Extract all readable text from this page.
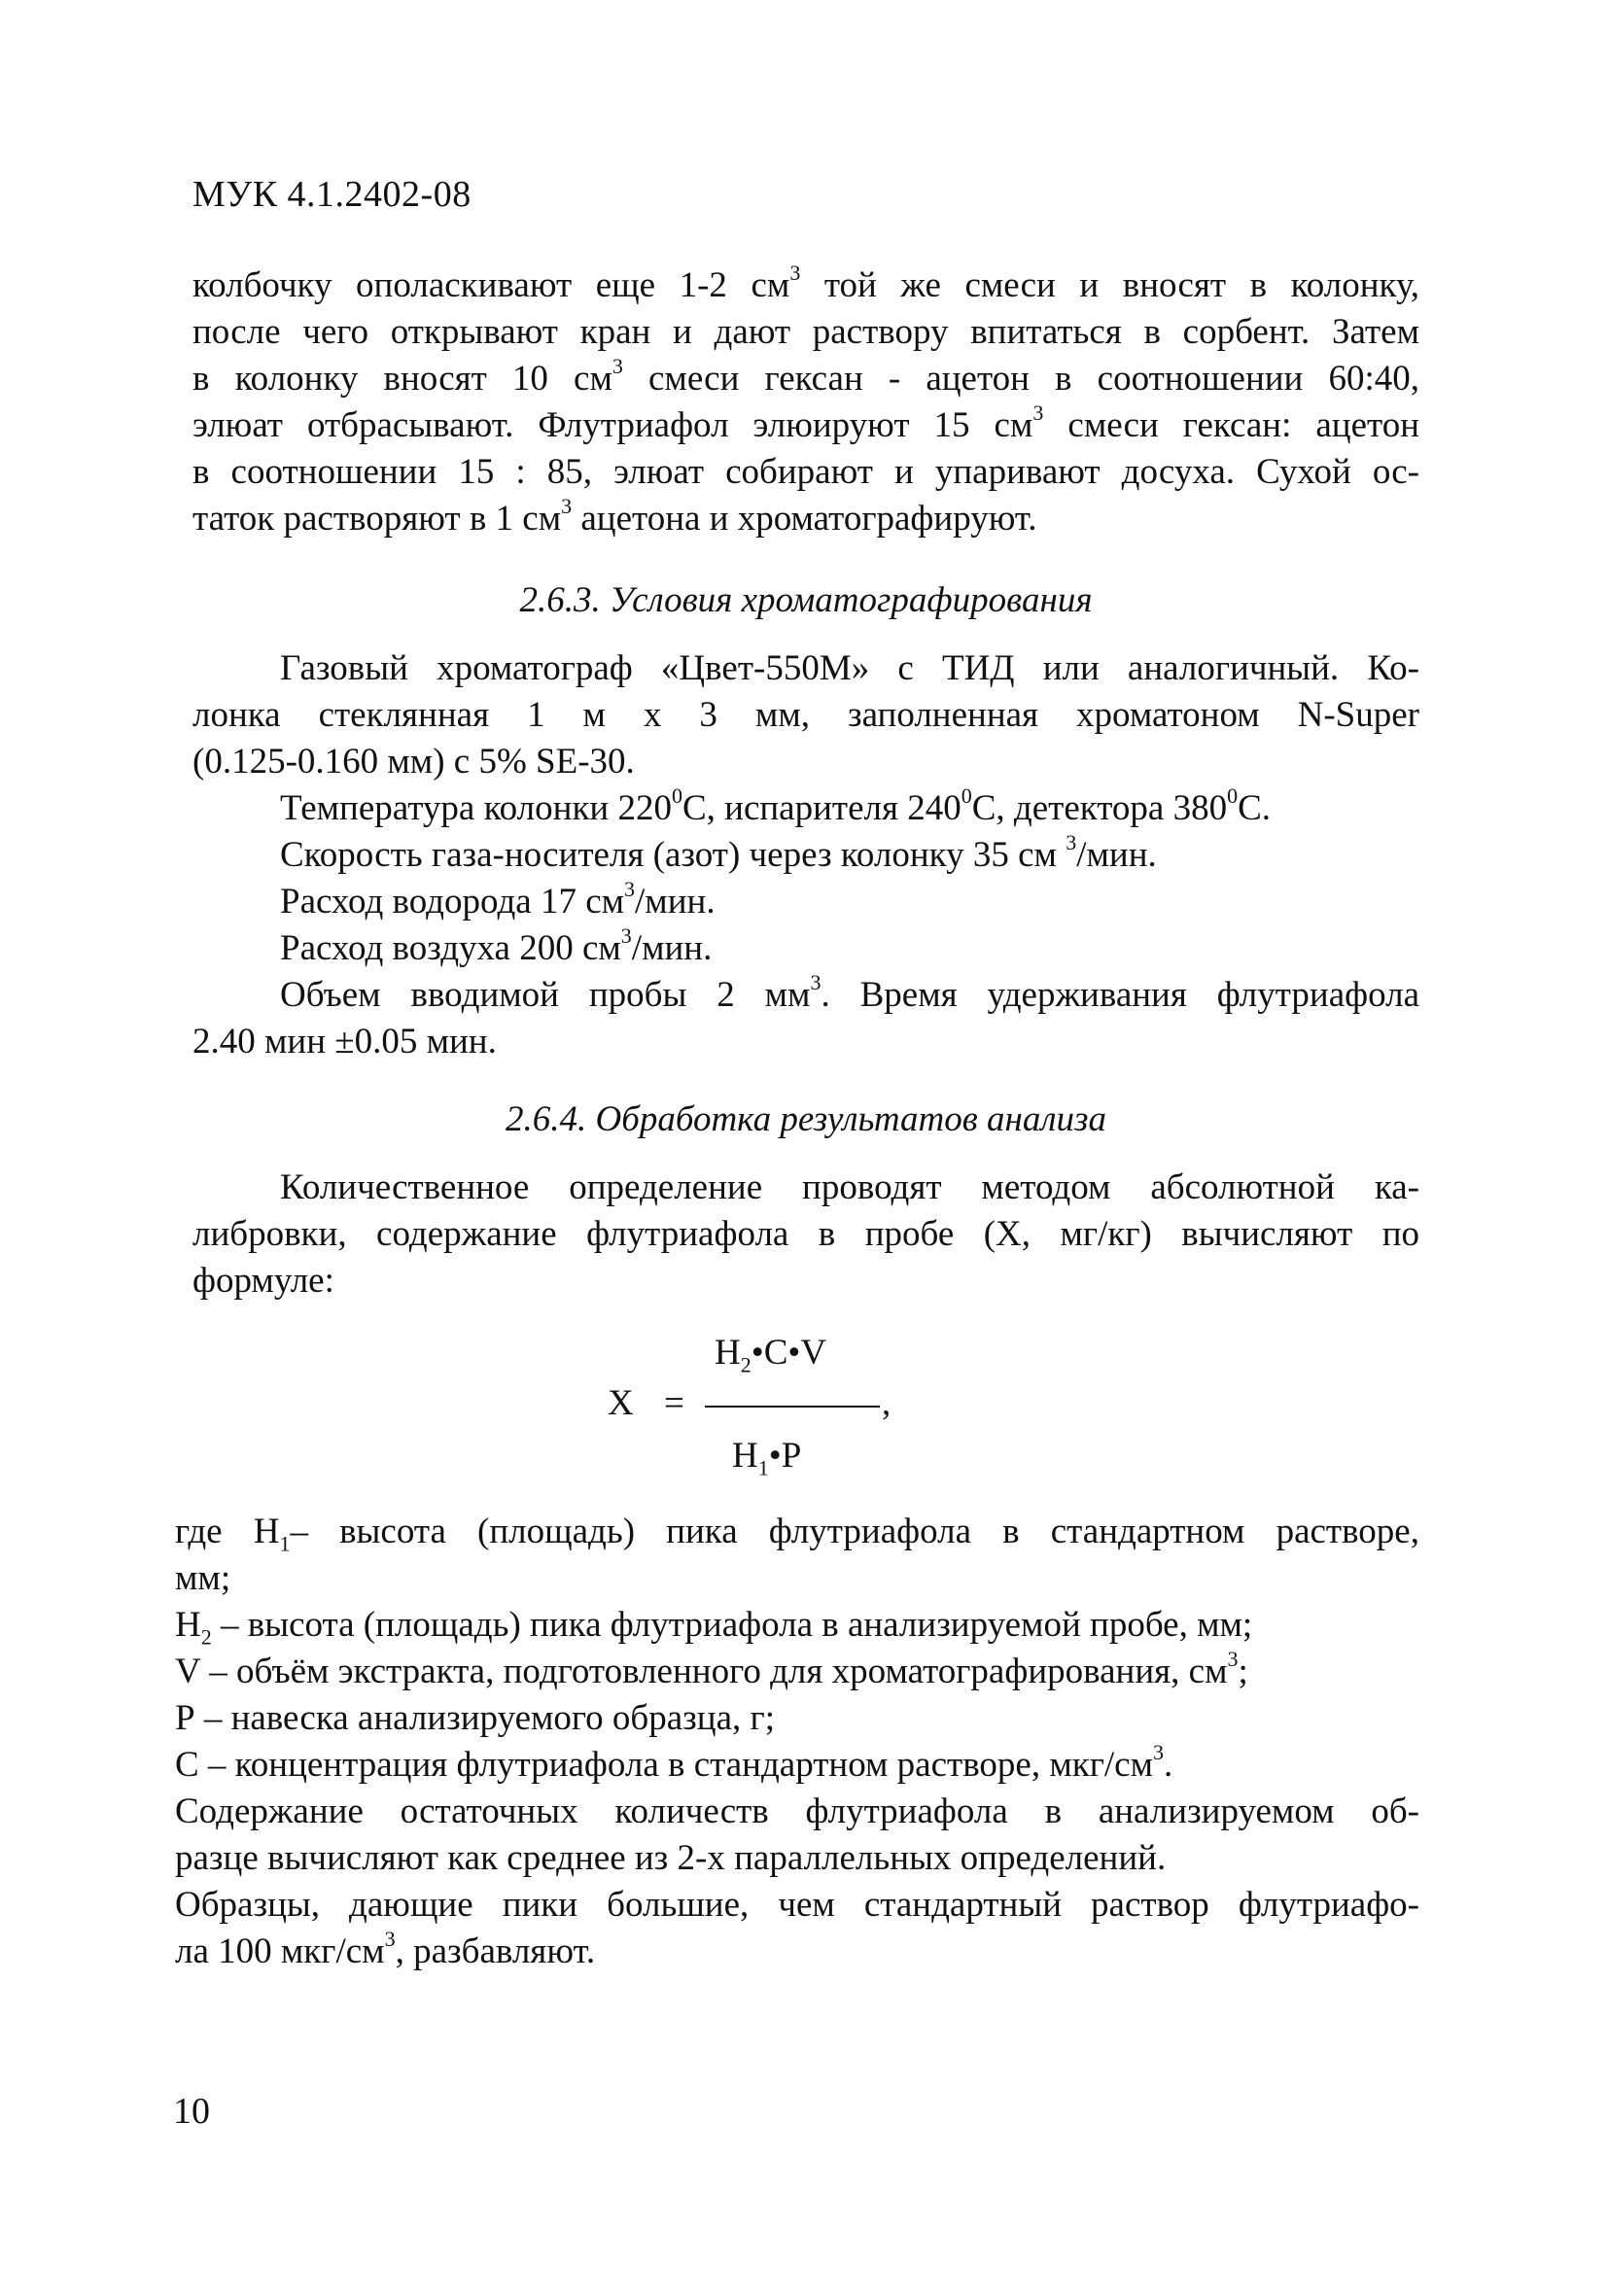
МУК 4.1.2402-08
колбочку ополаскивают еще 1-2 $см^3$ той же смеси и вносят в колонку,
после чего открывают кран и дают раствору впитаться в сорбент. Затем
в колонку вносят 10 $см^3$ смеси гексан - ацетон в соотношении 60:40,
элюат отбрасывают. Флутриафол элюируют 15 $см^3$ смеси гексан: ацетон
в соотношении 15 : 85, элюат собирают и упаривают досуха. Сухой ос-
таток растворяют в 1 $см^3$ ацетона и хроматографируют.
2.6.3. Условия хроматографирования
Газовый хроматограф «Цвет-550М» с ТИД или аналогичный. Ко-
лонка стеклянная 1 м х 3 мм, заполненная хроматоном N-Super
(0.125-0.160 мм) с 5% SE-30.
Температура колонки $220^0С$, испарителя $240^0С$, детектора $380^0С$.
Скорость газа-носителя (азот) через колонку 35 см $^3$/мин.
Расход водорода 17 $см^3$/мин.
Расход воздуха 200 $см^3$/мин.
Объем вводимой пробы 2 $мм^3$. Время удерживания флутриафола
2.40 мин ±0.05 мин.
2.6.4. Обработка результатов анализа
Количественное определение проводят методом абсолютной ка-
либровки, содержание флутриафола в пробе (Х, мг/кг) вычисляют по
формуле:
$Н_2•С•V$
Х =	,
$Н_1•Р$
где $Н_1-$ высота (площадь) пика флутриафола в стандартном растворе,
мм;
$Н_2$ – высота (площадь) пика флутриафола в анализируемой пробе, мм;
V – объём экстракта, подготовленного для хроматографирования, $см^3$;
Р – навеска анализируемого образца, г;
С – концентрация флутриафола в стандартном растворе, мкг/$см^3$.
Содержание остаточных количеств флутриафола в анализируемом об-
разце вычисляют как среднее из 2-х параллельных определений.
Образцы, дающие пики большие, чем стандартный раствор флутриафо-
ла 100 мкг/$см^3$, разбавляют.
10
